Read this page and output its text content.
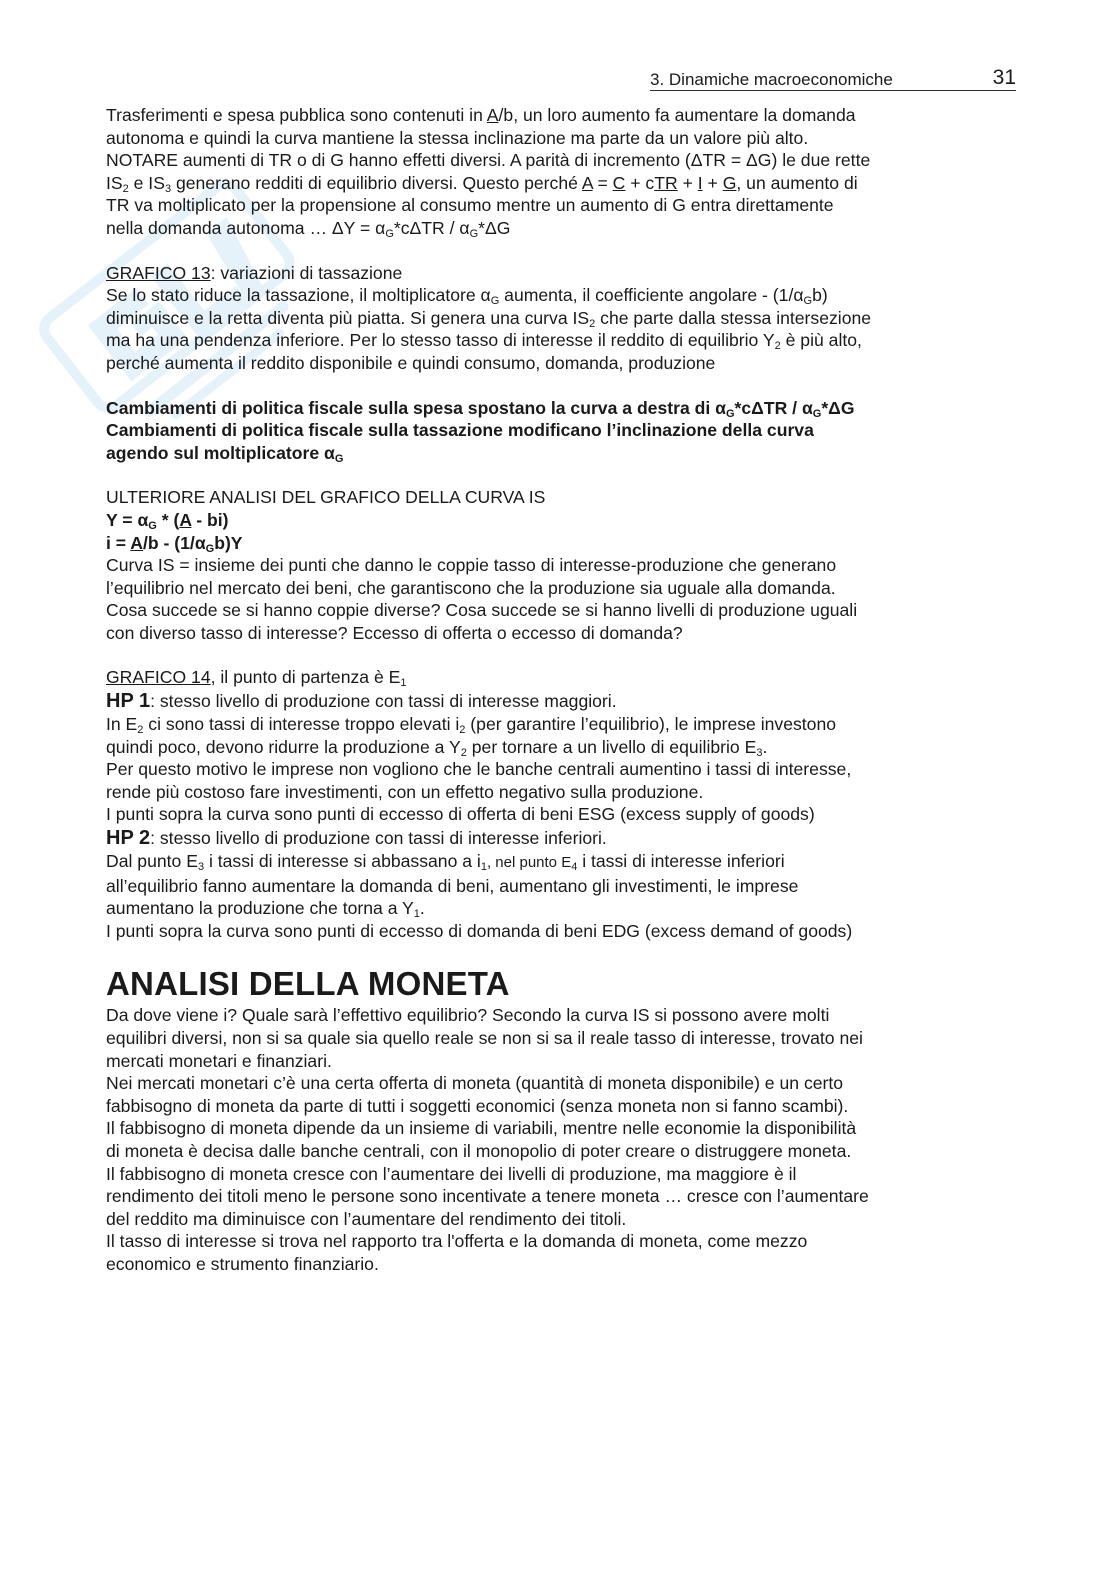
3. Dinamiche macroeconomiche	31

Trasferimenti e spesa pubblica sono contenuti in A/b, un loro aumento fa aumentare la domanda

autonoma e quindi la curva mantiene la stessa inclinazione ma parte da un valore più alto.

NOTARE aumenti di TR o di G hanno effetti diversi. A parità di incremento (ΔTR = ΔG) le due rette

$IS_2$ e $IS_3$ generano redditi di equilibrio diversi. Questo perché A = C + cTR + I + G, un aumento di

TR va moltiplicato per la propensione al consumo mentre un aumento di G entra direttamente

nella domanda autonoma … $\Delta Y = \alpha_G*c\Delta TR / \alpha_G*\Delta G$

GRAFICO 13: variazioni di tassazione

Se lo stato riduce la tassazione, il moltiplicatore $\alpha_G$ aumenta, il coefficiente angolare - $(1/\alpha_Gb)$

diminuisce e la retta diventa più piatta. Si genera una curva $IS_2$ che parte dalla stessa intersezione

ma ha una pendenza inferiore. Per lo stesso tasso di interesse il reddito di equilibrio $Y_2$ è più alto,

perché aumenta il reddito disponibile e quindi consumo, domanda, produzione

Cambiamenti di politica fiscale sulla spesa spostano la curva a destra di $\alpha_G*c\Delta TR / \alpha_G*\Delta G$

Cambiamenti di politica fiscale sulla tassazione modificano l’inclinazione della curva

agendo sul moltiplicatore $\alpha_G$

ULTERIORE ANALISI DEL GRAFICO DELLA CURVA IS

$Y = \alpha_G * (A - bi)$

$i = A/b - (1/\alpha_Gb)Y$

Curva IS = insieme dei punti che danno le coppie tasso di interesse-produzione che generano

l’equilibrio nel mercato dei beni, che garantiscono che la produzione sia uguale alla domanda.

Cosa succede se si hanno coppie diverse? Cosa succede se si hanno livelli di produzione uguali

con diverso tasso di interesse? Eccesso di offerta o eccesso di domanda?

GRAFICO 14, il punto di partenza è $E_1$

HP 1: stesso livello di produzione con tassi di interesse maggiori.

In $E_2$ ci sono tassi di interesse troppo elevati $i_2$ (per garantire l’equilibrio), le imprese investono

quindi poco, devono ridurre la produzione a $Y_2$ per tornare a un livello di equilibrio $E_3$.

Per questo motivo le imprese non vogliono che le banche centrali aumentino i tassi di interesse,

rende più costoso fare investimenti, con un effetto negativo sulla produzione.

I punti sopra la curva sono punti di eccesso di offerta di beni ESG (excess supply of goods)

HP 2: stesso livello di produzione con tassi di interesse inferiori.

Dal punto $E_3$ i tassi di interesse si abbassano a $i_1$, nel punto $E_4$ i tassi di interesse inferiori

all’equilibrio fanno aumentare la domanda di beni, aumentano gli investimenti, le imprese

aumentano la produzione che torna a $Y_1$.

I punti sopra la curva sono punti di eccesso di domanda di beni EDG (excess demand of goods)

ANALISI DELLA MONETA

Da dove viene i? Quale sarà l’effettivo equilibrio? Secondo la curva IS si possono avere molti

equilibri diversi, non si sa quale sia quello reale se non si sa il reale tasso di interesse, trovato nei

mercati monetari e finanziari.

Nei mercati monetari c’è una certa offerta di moneta (quantità di moneta disponibile) e un certo

fabbisogno di moneta da parte di tutti i soggetti economici (senza moneta non si fanno scambi).

Il fabbisogno di moneta dipende da un insieme di variabili, mentre nelle economie la disponibilità

di moneta è decisa dalle banche centrali, con il monopolio di poter creare o distruggere moneta.

Il fabbisogno di moneta cresce con l’aumentare dei livelli di produzione, ma maggiore è il

rendimento dei titoli meno le persone sono incentivate a tenere moneta … cresce con l’aumentare

del reddito ma diminuisce con l’aumentare del rendimento dei titoli.

Il tasso di interesse si trova nel rapporto tra l'offerta e la domanda di moneta, come mezzo

economico e strumento finanziario.
